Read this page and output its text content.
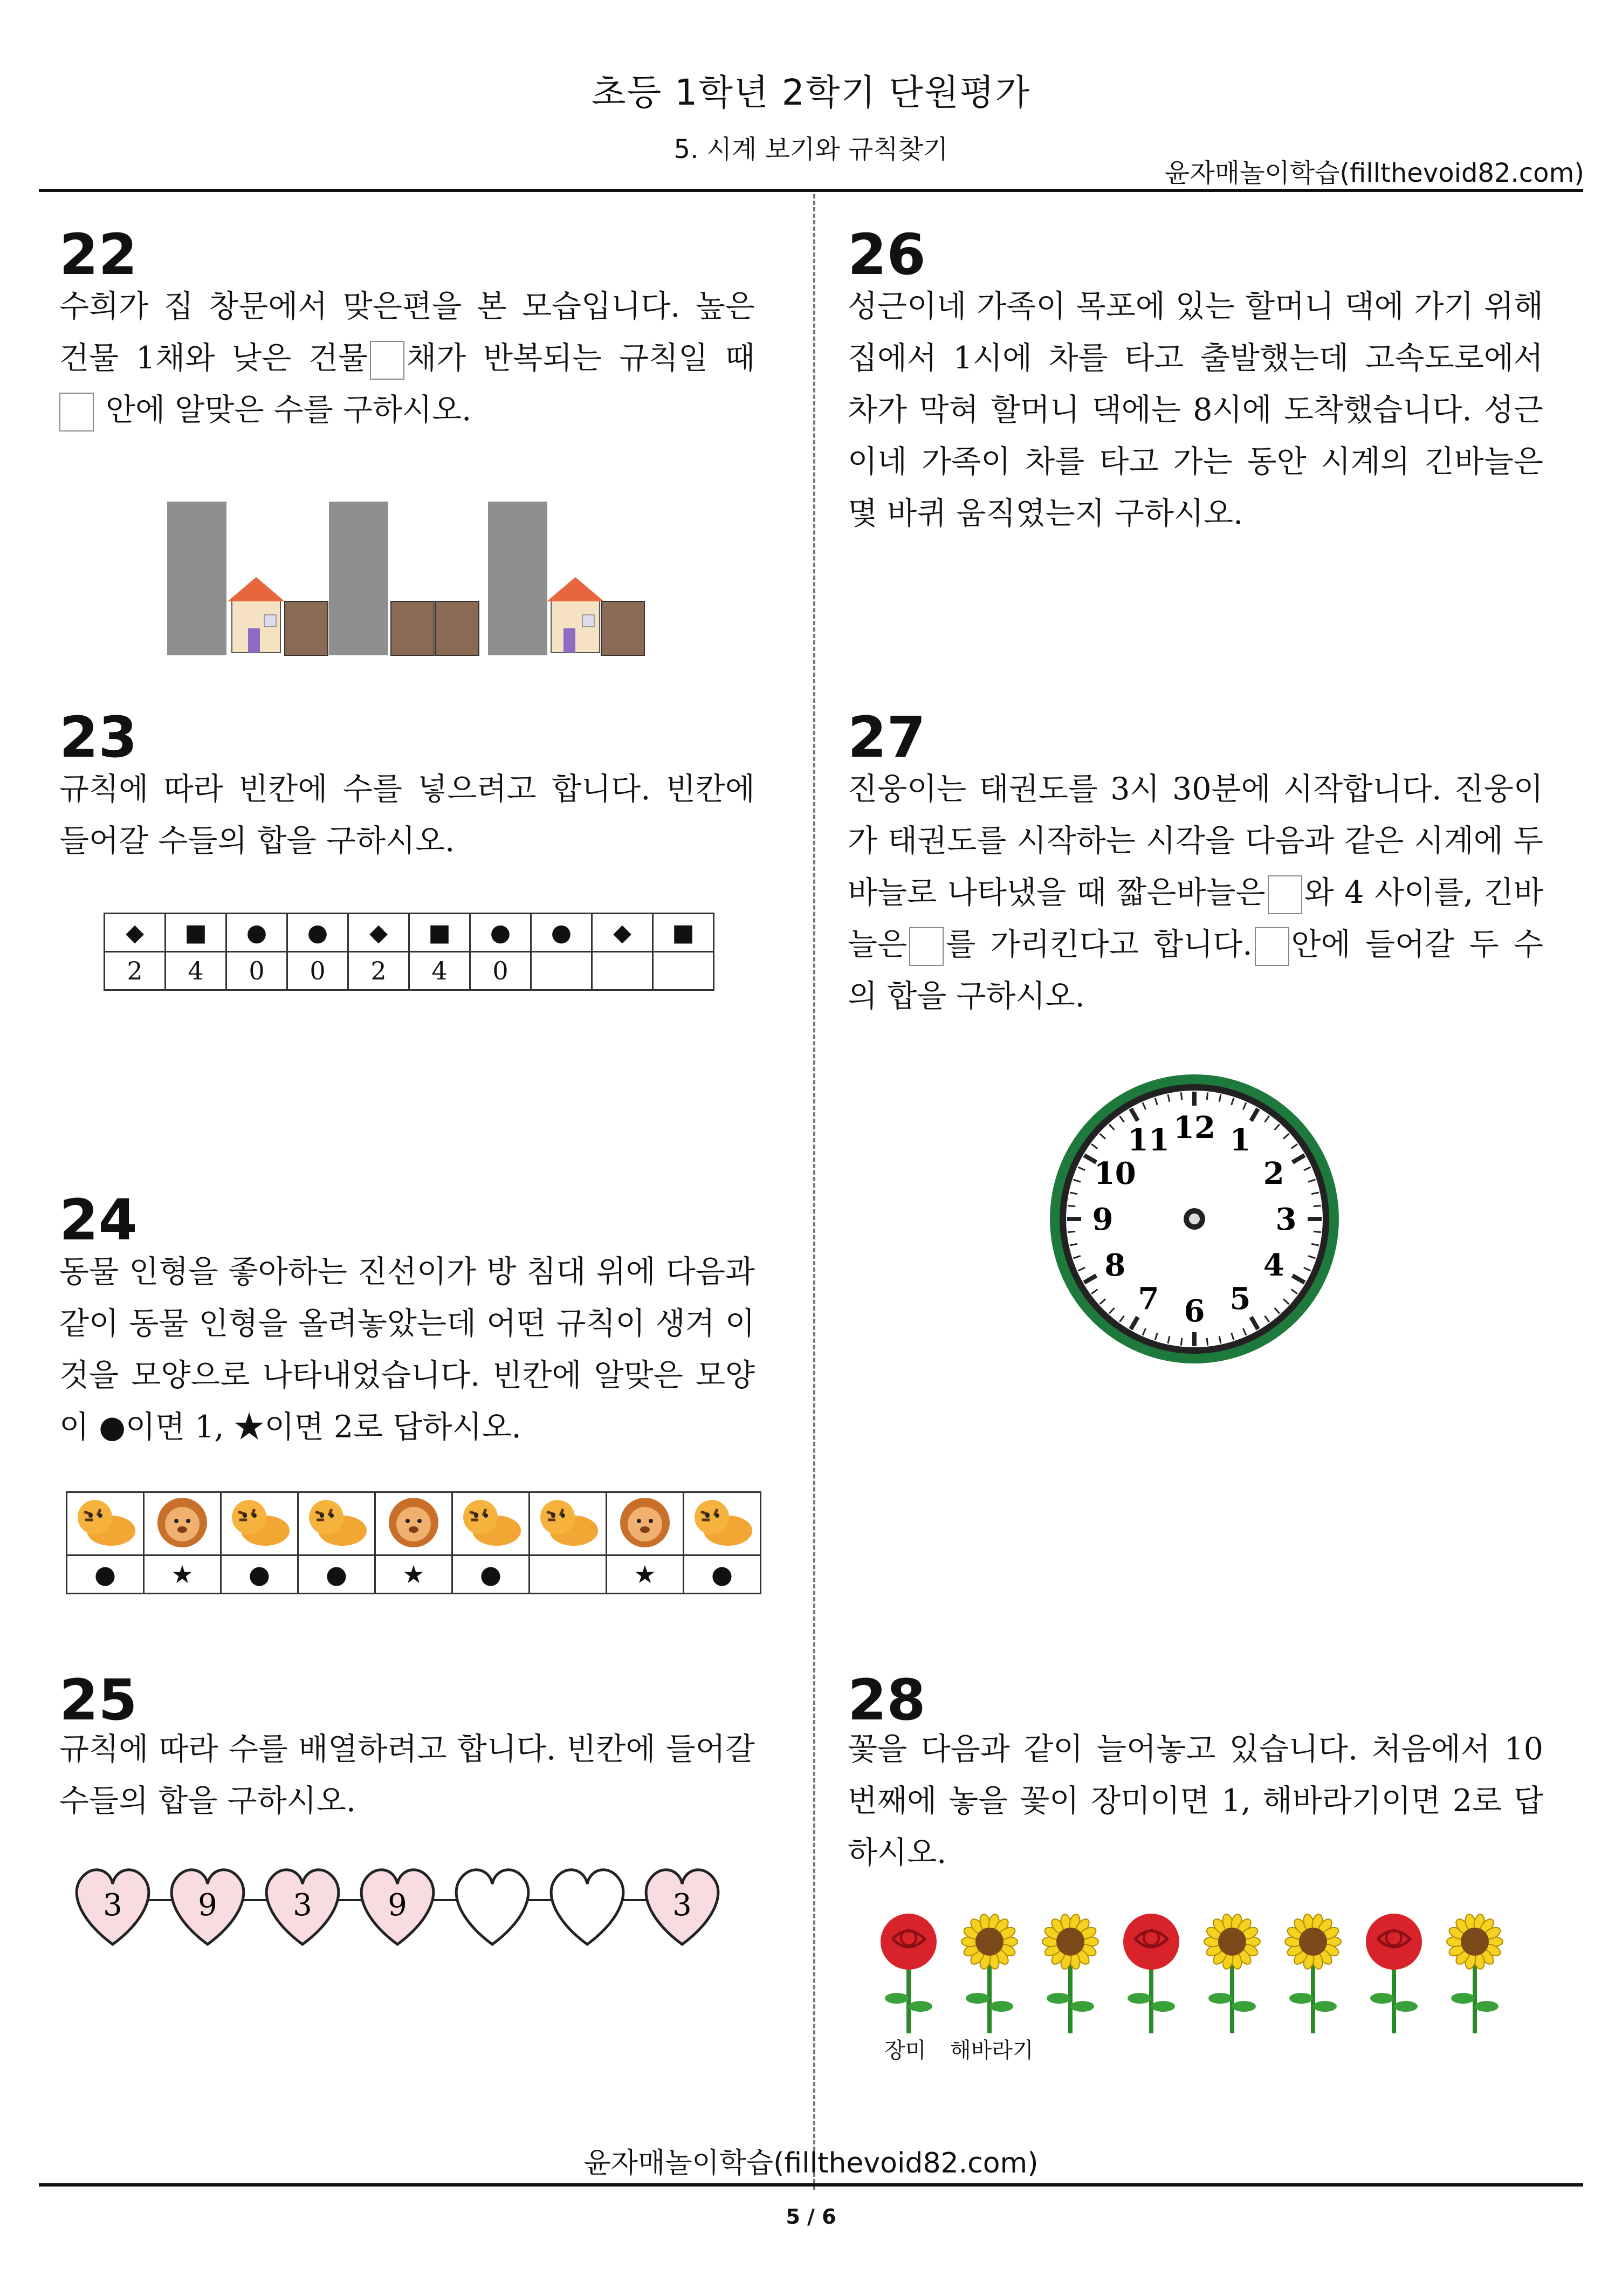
초등 1학년 2학기 단원평가
5. 시계 보기와 규칙찾기
윤자매놀이학습(fillthevoid82.com)
22
수희가 집 창문에서 맞은편을 본 모습입니다. 높은 건물 1채와 낮은 건물 채가 반복되는 규칙일 때  안에 알맞은 수를 구하시오.
23
규칙에 따라 빈칸에 수를 넣으려고 합니다. 빈칸에 들어갈 수들의 합을 구하시오.
◆	■	●	●	◆	■	●	●	◆	■
2	4	0	0	2	4	0			
24
동물 인형을 좋아하는 진선이가 방 침대 위에 다음과 같이 동물 인형을 올려놓았는데 어떤 규칙이 생겨 이것을 모양으로 나타내었습니다. 빈칸에 알맞은 모양이 ●이면 1, ★이면 2로 답하시오.

●	★	●	●	★	●		★	●
25
규칙에 따라 수를 배열하려고 합니다. 빈칸에 들어갈 수들의 합을 구하시오.
3	9	3	9	3
26
성근이네 가족이 목포에 있는 할머니 댁에 가기 위해 집에서 1시에 차를 타고 출발했는데 고속도로에서 차가 막혀 할머니 댁에는 8시에 도착했습니다. 성근이네 가족이 차를 타고 가는 동안 시계의 긴바늘은 몇 바퀴 움직였는지 구하시오.
27
진웅이는 태권도를 3시 30분에 시작합니다. 진웅이가 태권도를 시작하는 시각을 다음과 같은 시계에 두 바늘로 나타냈을 때 짧은바늘은 와 4 사이를, 긴바늘은 를 가리킨다고 합니다. 안에 들어갈 두 수의 합을 구하시오.
12 1
2
3
4
5
6
7
8
9
10
11
28
꽃을 다음과 같이 늘어놓고 있습니다. 처음에서 10번째에 놓을 꽃이 장미이면 1, 해바라기이면 2로 답하시오.
장미 해바라기
윤자매놀이학습(fillthevoid82.com)
5 / 6
